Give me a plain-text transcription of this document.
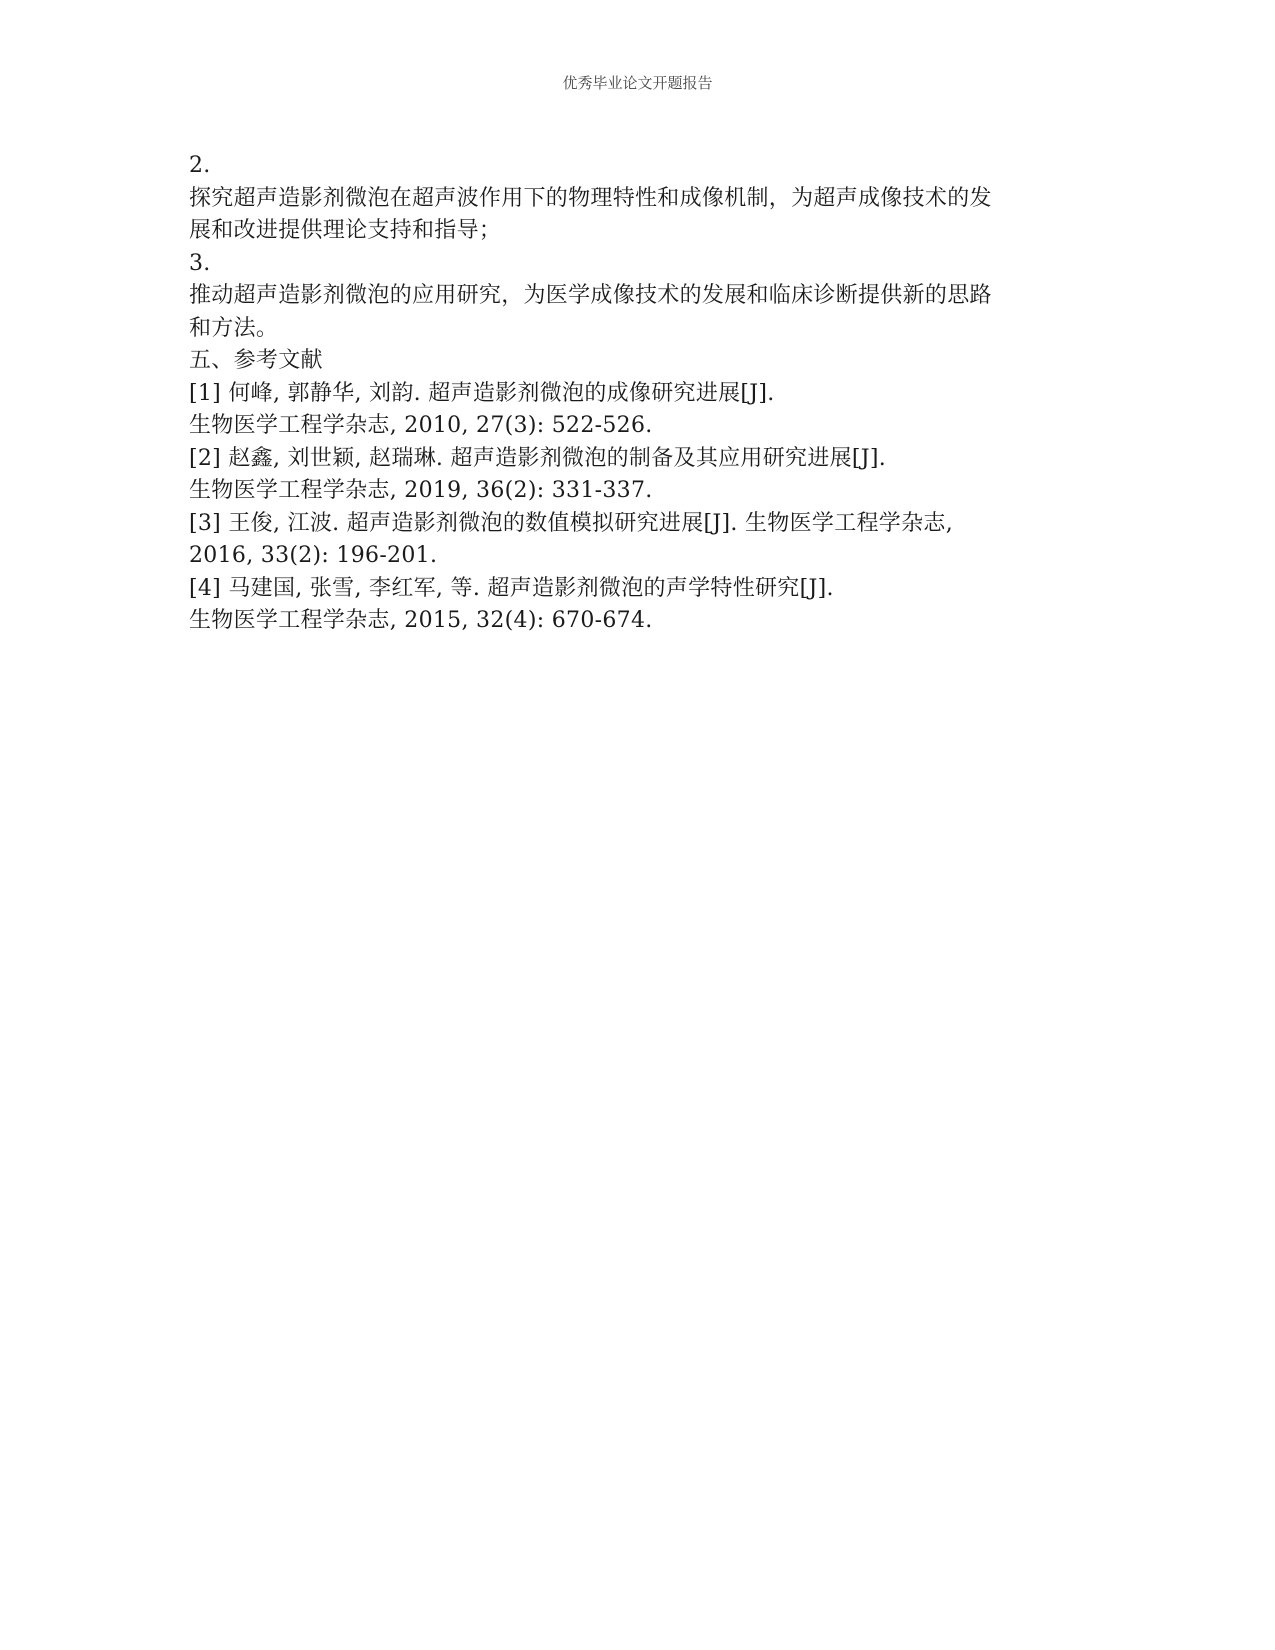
优秀毕业论文开题报告
2.
探究超声造影剂微泡在超声波作用下的物理特性和成像机制，为超声成像技术的发
展和改进提供理论支持和指导；
3.
推动超声造影剂微泡的应用研究，为医学成像技术的发展和临床诊断提供新的思路
和方法。
五、参考文献
[1] 何峰, 郭静华, 刘韵. 超声造影剂微泡的成像研究进展[J].
生物医学工程学杂志, 2010, 27(3): 522-526.
[2] 赵鑫, 刘世颖, 赵瑞琳. 超声造影剂微泡的制备及其应用研究进展[J].
生物医学工程学杂志, 2019, 36(2): 331-337.
[3] 王俊, 江波. 超声造影剂微泡的数值模拟研究进展[J]. 生物医学工程学杂志,
2016, 33(2): 196-201.
[4] 马建国, 张雪, 李红军, 等. 超声造影剂微泡的声学特性研究[J].
生物医学工程学杂志, 2015, 32(4): 670-674.
